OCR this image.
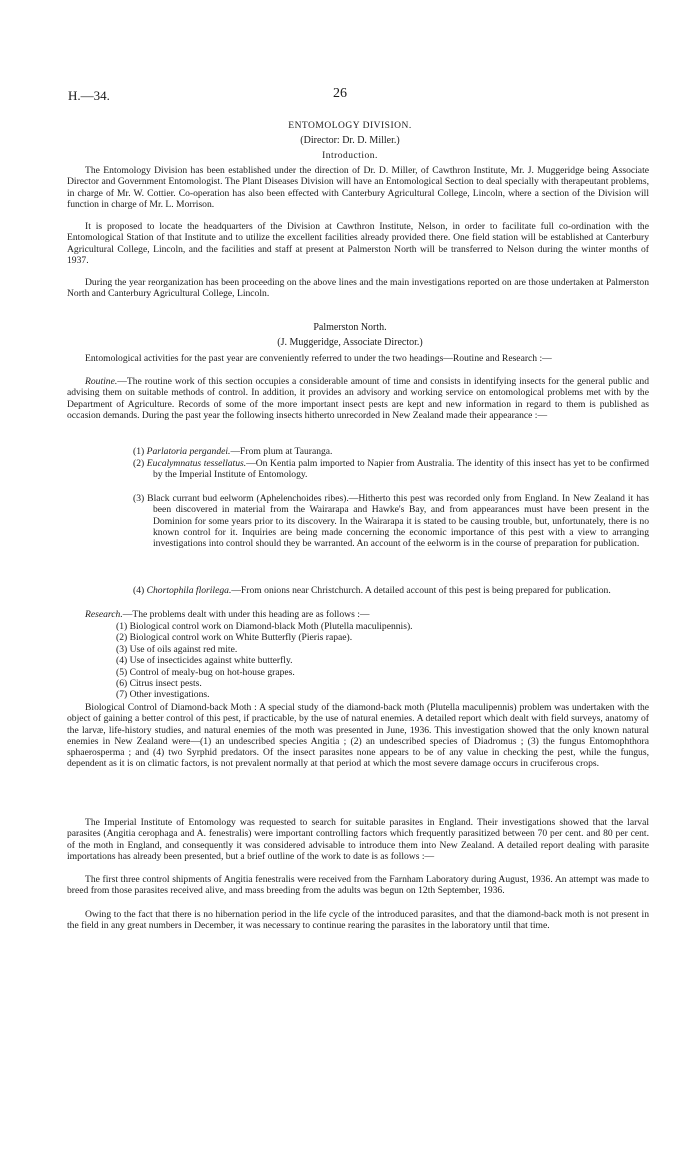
H.—34.	26
ENTOMOLOGY DIVISION.
(Director: Dr. D. Miller.)
Introduction.

The Entomology Division has been established under the direction of Dr. D. Miller, of Cawthron Institute, Mr. J. Muggeridge being Associate Director and Government Entomologist. The Plant Diseases Division will have an Entomological Section to deal specially with therapeutant problems, in charge of Mr. W. Cottier. Co-operation has also been effected with Canterbury Agricultural College, Lincoln, where a section of the Division will function in charge of Mr. L. Morrison.

It is proposed to locate the headquarters of the Division at Cawthron Institute, Nelson, in order to facilitate full co-ordination with the Entomological Station of that Institute and to utilize the excellent facilities already provided there. One field station will be established at Canterbury Agricultural College, Lincoln, and the facilities and staff at present at Palmerston North will be transferred to Nelson during the winter months of 1937.

During the year reorganization has been proceeding on the above lines and the main investigations reported on are those undertaken at Palmerston North and Canterbury Agricultural College, Lincoln.

Palmerston North.
(J. Muggeridge, Associate Director.)

Entomological activities for the past year are conveniently referred to under the two headings—Routine and Research :—

Routine.—The routine work of this section occupies a considerable amount of time and consists in identifying insects for the general public and advising them on suitable methods of control. In addition, it provides an advisory and working service on entomological problems met with by the Department of Agriculture. Records of some of the more important insect pests are kept and new information in regard to them is published as occasion demands. During the past year the following insects hitherto unrecorded in New Zealand made their appearance :—

(1) Parlatoria pergandei.—From plum at Tauranga.

(2) Eucalymnatus tessellatus.—On Kentia palm imported to Napier from Australia. The identity of this insect has yet to be confirmed by the Imperial Institute of Entomology.

(3) Black currant bud eelworm (Aphelenchoides ribes).—Hitherto this pest was recorded only from England. In New Zealand it has been discovered in material from the Wairarapa and Hawke's Bay, and from appearances must have been present in the Dominion for some years prior to its discovery. In the Wairarapa it is stated to be causing trouble, but, unfortunately, there is no known control for it. Inquiries are being made concerning the economic importance of this pest with a view to arranging investigations into control should they be warranted. An account of the eelworm is in the course of preparation for publication.

(4) Chortophila florilega.—From onions near Christchurch. A detailed account of this pest is being prepared for publication.

Research.—The problems dealt with under this heading are as follows :—

(1) Biological control work on Diamond-black Moth (Plutella maculipennis).
(2) Biological control work on White Butterfly (Pieris rapae).
(3) Use of oils against red mite.
(4) Use of insecticides against white butterfly.
(5) Control of mealy-bug on hot-house grapes.
(6) Citrus insect pests.
(7) Other investigations.

Biological Control of Diamond-back Moth : A special study of the diamond-back moth (Plutella maculipennis) problem was undertaken with the object of gaining a better control of this pest, if practicable, by the use of natural enemies. A detailed report which dealt with field surveys, anatomy of the larvæ, life-history studies, and natural enemies of the moth was presented in June, 1936. This investigation showed that the only known natural enemies in New Zealand were—(1) an undescribed species Angitia ; (2) an undescribed species of Diadromus ; (3) the fungus Entomophthora sphaerosperma ; and (4) two Syrphid predators. Of the insect parasites none appears to be of any value in checking the pest, while the fungus, dependent as it is on climatic factors, is not prevalent normally at that period at which the most severe damage occurs in cruciferous crops.

The Imperial Institute of Entomology was requested to search for suitable parasites in England. Their investigations showed that the larval parasites (Angitia cerophaga and A. fenestralis) were important controlling factors which frequently parasitized between 70 per cent. and 80 per cent. of the moth in England, and consequently it was considered advisable to introduce them into New Zealand. A detailed report dealing with parasite importations has already been presented, but a brief outline of the work to date is as follows :—

The first three control shipments of Angitia fenestralis were received from the Farnham Laboratory during August, 1936. An attempt was made to breed from those parasites received alive, and mass breeding from the adults was begun on 12th September, 1936.

Owing to the fact that there is no hibernation period in the life cycle of the introduced parasites, and that the diamond-back moth is not present in the field in any great numbers in December, it was necessary to continue rearing the parasites in the laboratory until that time.
